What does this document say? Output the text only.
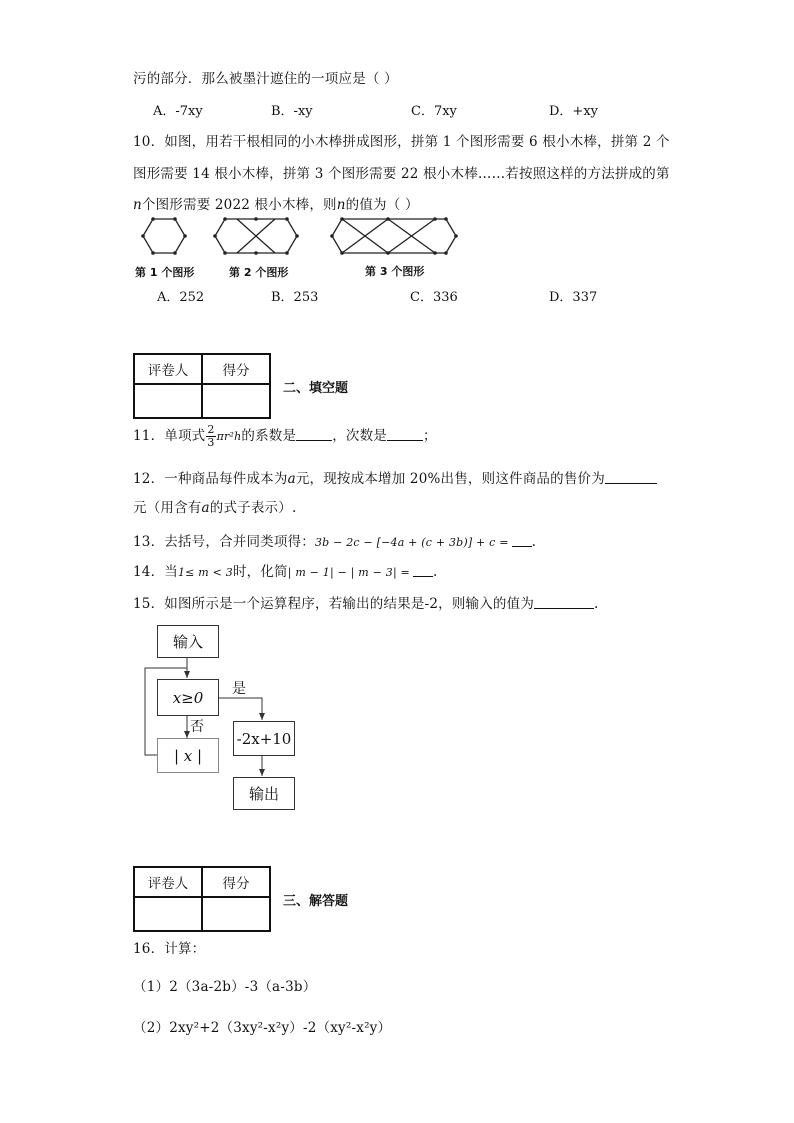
污的部分．那么被墨汁遮住的一项应是（ ）
A．-7xy	B．-xy	C．7xy	D．+xy
10．如图，用若干根相同的小木棒拼成图形，拼第 1 个图形需要 6 根小木棒，拼第 2 个
图形需要 14 根小木棒，拼第 3 个图形需要 22 根小木棒……若按照这样的方法拼成的第
n个图形需要 2022 根小木棒，则n的值为（ ）
第 1 个图形	第 2 个图形	第 3 个图形
A．252	B．253	C．336	D．337
评卷人	得分

二、填空题
11．单项式 $\frac{2}{3} \pi r^2h$的系数是	，次数是	；
12．一种商品每件成本为a元，现按成本增加 20%出售，则这件商品的售价为
元（用含有a的式子表示）.
13．去括号，合并同类项得：3b − 2c − [−4a + (c + 3b)] + c = .
14．当1≤ m < 3时，化简| m − 1| − | m − 3| = .
15．如图所示是一个运算程序，若输出的结果是-2，则输入的值为	.
输入
x≥0 是
否
| x |
-2x+10
输出
评卷人	得分

三、解答题
16．计算：
（1）2（3a-2b）-3（a-3b）
（2）2xy²+2（3xy²-x²y）-2（xy²-x²y）
